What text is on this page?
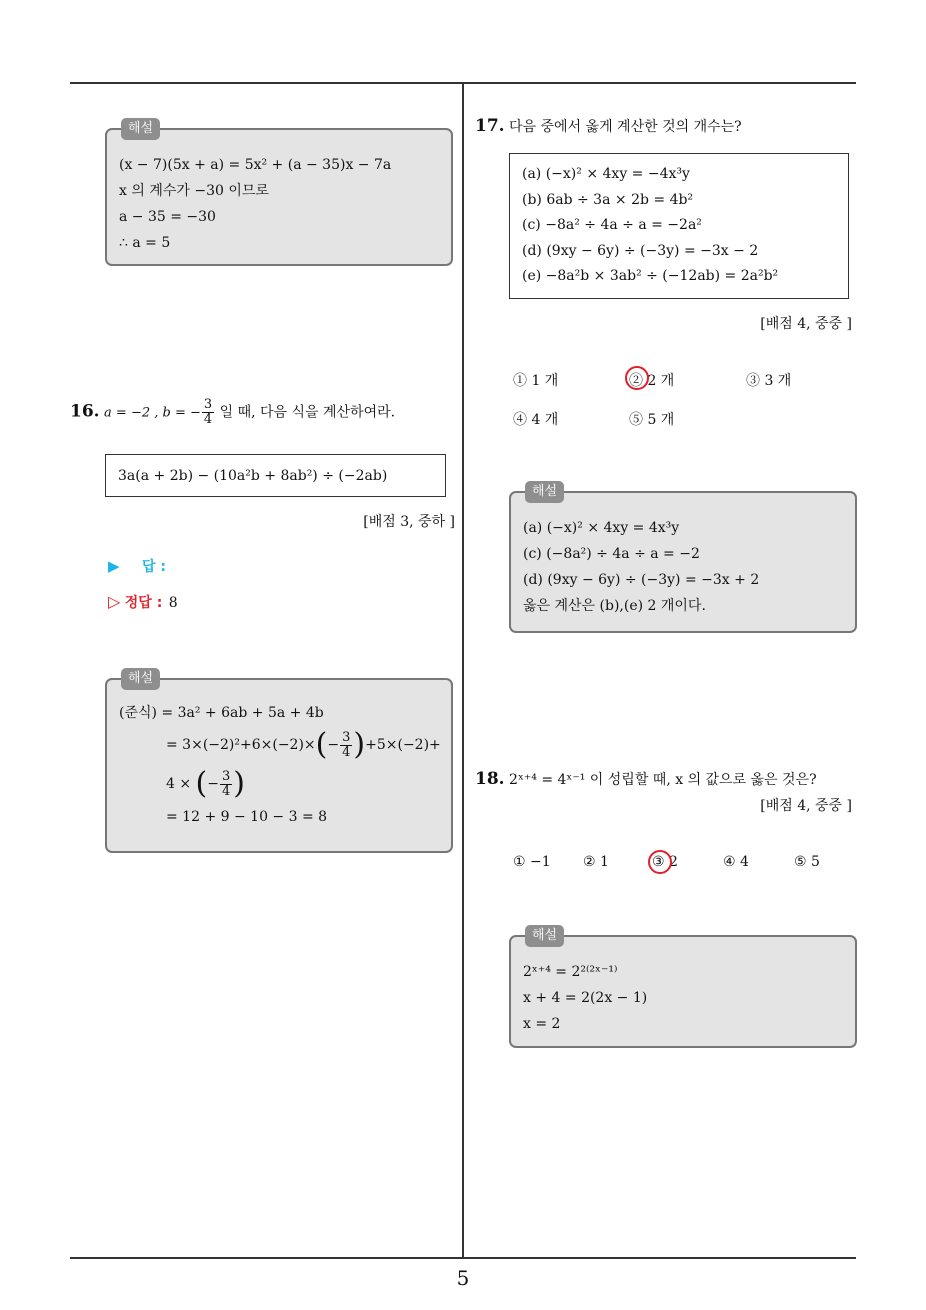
5
해설
(x − 7)(5x + a) = 5x² + (a − 35)x − 7a
x 의 계수가 −30 이므로
a − 35 = −30
∴ a = 5
16. a = −2 , b = − $\frac{3}{4}$ 일 때, 다음 식을 계산하여라.
3a(a + 2b) − (10a²b + 8ab²) ÷ (−2ab)
[배점 3, 중하 ]
▶ 답 :
▷ 정답 : 8
해설
(준식) = 3a² + 6ab + 5a + 4b
= $3\times(-2)^2+6\times(-2)\times(- \frac{3}{4} )+5\times(-2)+$
4 × (− $\frac{3}{4}$ )
= 12 + 9 − 10 − 3 = 8
17. 다음 중에서 옳게 계산한 것의 개수는?
(a) (−x)² × 4xy = −4x³y
(b) 6ab ÷ 3a × 2b = 4b²
(c) −8a² ÷ 4a ÷ a = −2a²
(d) (9xy − 6y) ÷ (−3y) = −3x − 2
(e) −8a²b × 3ab² ÷ (−12ab) = 2a²b²
[배점 4, 중중 ]
① 1 개	② 2 개	③ 3 개
④ 4 개	⑤ 5 개
해설
(a) (−x)² × 4xy = 4x³y
(c) (−8a²) ÷ 4a ÷ a = −2
(d) (9xy − 6y) ÷ (−3y) = −3x + 2
옳은 계산은 (b),(e) 2 개이다.
18. 2ˣ⁺⁴ = 4ˣ⁻¹ 이 성립할 때, x 의 값으로 옳은 것은?
[배점 4, 중중 ]
① −1 ② 1	③ 2	④ 4	⑤ 5
해설
2ˣ⁺⁴ = 2²⁽²ˣ⁻¹⁾
x + 4 = 2(2x − 1)
x = 2
